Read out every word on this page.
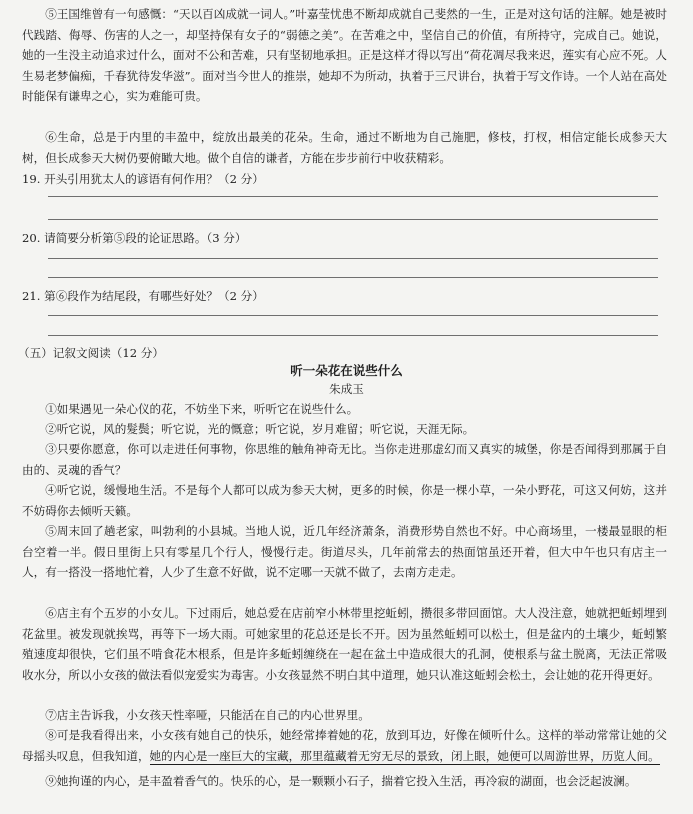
⑤王国维曾有一句感慨：“天以百凶成就一词人。”叶嘉莹忧患不断却成就自己斐然的一生，正是对这句话的注解。她是被时代践踏、侮辱、伤害的人之一，却坚持保有女子的“弱德之美”。在苦难之中，坚信自己的价值，有所持守，完成自己。她说，她的一生没主动追求过什么，面对不公和苦难，只有坚韧地承担。正是这样才得以写出“荷花凋尽我来迟，莲实有心应不死。人生易老梦偏痴，千春犹待发华滋”。面对当今世人的推崇，她却不为所动，执着于三尺讲台，执着于写文作诗。一个人站在高处时能保有谦卑之心，实为难能可贵。

⑥生命，总是于内里的丰盈中，绽放出最美的花朵。生命，通过不断地为自己施肥，修枝，打杈，相信定能长成参天大树，但长成参天大树仍要俯瞰大地。做个自信的谦者，方能在步步前行中收获精彩。

19. 开头引用犹太人的谚语有何作用？（2 分）

20. 请简要分析第⑤段的论证思路。（3 分）

21. 第⑥段作为结尾段，有哪些好处？（2 分）

（五）记叙文阅读（12 分）

听一朵花在说些什么

朱成玉

①如果遇见一朵心仪的花，不妨坐下来，听听它在说些什么。

②听它说，风的髮鬓；听它说，光的慨意；听它说，岁月难留；听它说，天涯无际。

③只要你愿意，你可以走进任何事物，你思维的触角神奇无比。当你走进那虚幻而又真实的城堡，你是否闻得到那属于自由的、灵魂的香气？

④听它说，缓慢地生活。不是每个人都可以成为参天大树，更多的时候，你是一棵小草，一朵小野花，可这又何妨，这并不妨碍你去倾听天籁。

⑤周末回了趟老家，叫勃利的小县城。当地人说，近几年经济萧条，消费形势自然也不好。中心商场里，一楼最显眼的柜台空着一半。假日里街上只有零星几个行人，慢慢行走。街道尽头，几年前常去的热面馆虽还开着，但大中午也只有店主一人，有一搭没一搭地忙着，人少了生意不好做，说不定哪一天就不做了，去南方走走。

⑥店主有个五岁的小女儿。下过雨后，她总爱在店前窄小林带里挖蚯蚓，攒很多带回面馆。大人没注意，她就把蚯蚓埋到花盆里。被发现就挨骂，再等下一场大雨。可她家里的花总还是长不开。因为虽然蚯蚓可以松土，但是盆内的土壤少，蚯蚓繁殖速度却很快，它们虽不啃食花木根系，但是许多蚯蚓缠绕在一起在盆土中造成很大的孔洞，使根系与盆土脱离，无法正常吸收水分，所以小女孩的做法看似宠爱实为毒害。小女孩显然不明白其中道理，她只认准这蚯蚓会松土，会让她的花开得更好。

⑦店主告诉我，小女孩天性率哑，只能活在自己的内心世界里。

⑧可是我看得出来，小女孩有她自己的快乐，她经常捧着她的花，放到耳边，好像在倾听什么。这样的举动常常让她的父母摇头叹息，但我知道，她的内心是一座巨大的宝藏，那里蕴藏着无穷无尽的景致，闭上眼，她便可以周游世界，历览人间。

⑨她拘谨的内心，是丰盈着香气的。快乐的心，是一颗颗小石子，揣着它投入生活，再冷寂的湖面，也会泛起波澜。
